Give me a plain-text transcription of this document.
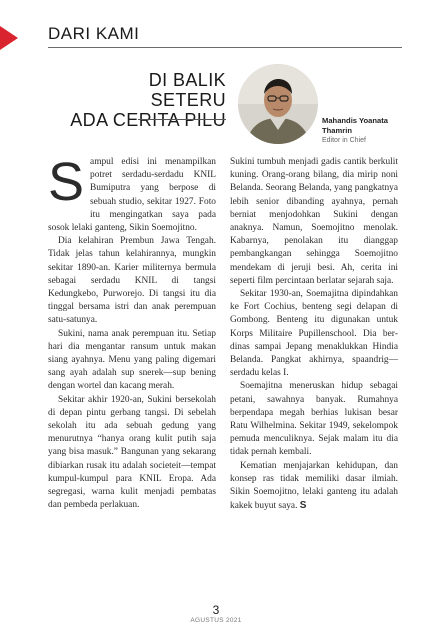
DARI KAMI
DI BALIK SETERU
ADA CERITA PILU	Mahandis Yoanata
Thamrin
Editor in Chief
S ampul edisi ini menampilkan potret serdadu-serdadu KNIL Bumiputra yang berpose di sebuah studio, sekitar 1927. Foto itu mengingatkan saya pada sosok lelaki ganteng, Sikin Soemojitno.

Dia kelahiran Prembun Jawa Tengah. Tidak jelas tahun kelahirannya, mungkin sekitar 1890-an. Karier militernya bermula sebagai serdadu KNIL di tangsi Kedungkebo, Purworejo. Di tangsi itu dia tinggal bersama istri dan anak perempuan satu-satunya.

Sukini, nama anak perempuan itu. Setiap hari dia mengantar ransum untuk makan siang ayahnya. Menu yang paling digemari sang ayah adalah sup snerek—sup bening dengan wortel dan kacang merah.

Sekitar akhir 1920-an, Sukini bersekolah di depan pintu gerbang tangsi. Di sebelah sekolah itu ada sebuah gedung yang menurutnya “hanya orang kulit putih saja yang bisa masuk.” Bangunan yang sekarang dibiarkan rusak itu adalah societeit—tempat kumpul-kumpul para KNIL Eropa. Ada segregasi, warna kulit menjadi pembatas dan pembeda perlakuan.

Sukini tumbuh menjadi gadis cantik berkulit kuning. Orang-orang bilang, dia mirip noni Belanda. Seorang Belanda, yang pangkatnya lebih senior dibanding ayahnya, pernah berniat menjodohkan Sukini dengan anaknya. Namun, Soemojitno menolak. Kabarnya, penolakan itu dianggap pembangkangan sehingga Soemojitno mendekam di jeruji besi. Ah, cerita ini seperti film percintaan berlatar sejarah saja.

Sekitar 1930-an, Soemajitna dipindahkan ke Fort Cochius, benteng segi delapan di Gombong. Benteng itu digunakan untuk Korps Militaire Pupillenschool. Dia berdinas sampai Jepang menaklukkan Hindia Belanda. Pangkat akhirnya, spaandrig—serdadu kelas I.

Soemajitna meneruskan hidup sebagai petani, sawahnya banyak. Rumahnya berpendapa megah berhias lukisan besar Ratu Wilhelmina. Sekitar 1949, sekelompok pemuda menculiknya. Sejak malam itu dia tidak pernah kembali.

Kematian menjajarkan kehidupan, dan konsep ras tidak memiliki dasar ilmiah. Sikin Soemojitno, lelaki ganteng itu adalah kakek buyut saya. S

3
AGUSTUS 2021
